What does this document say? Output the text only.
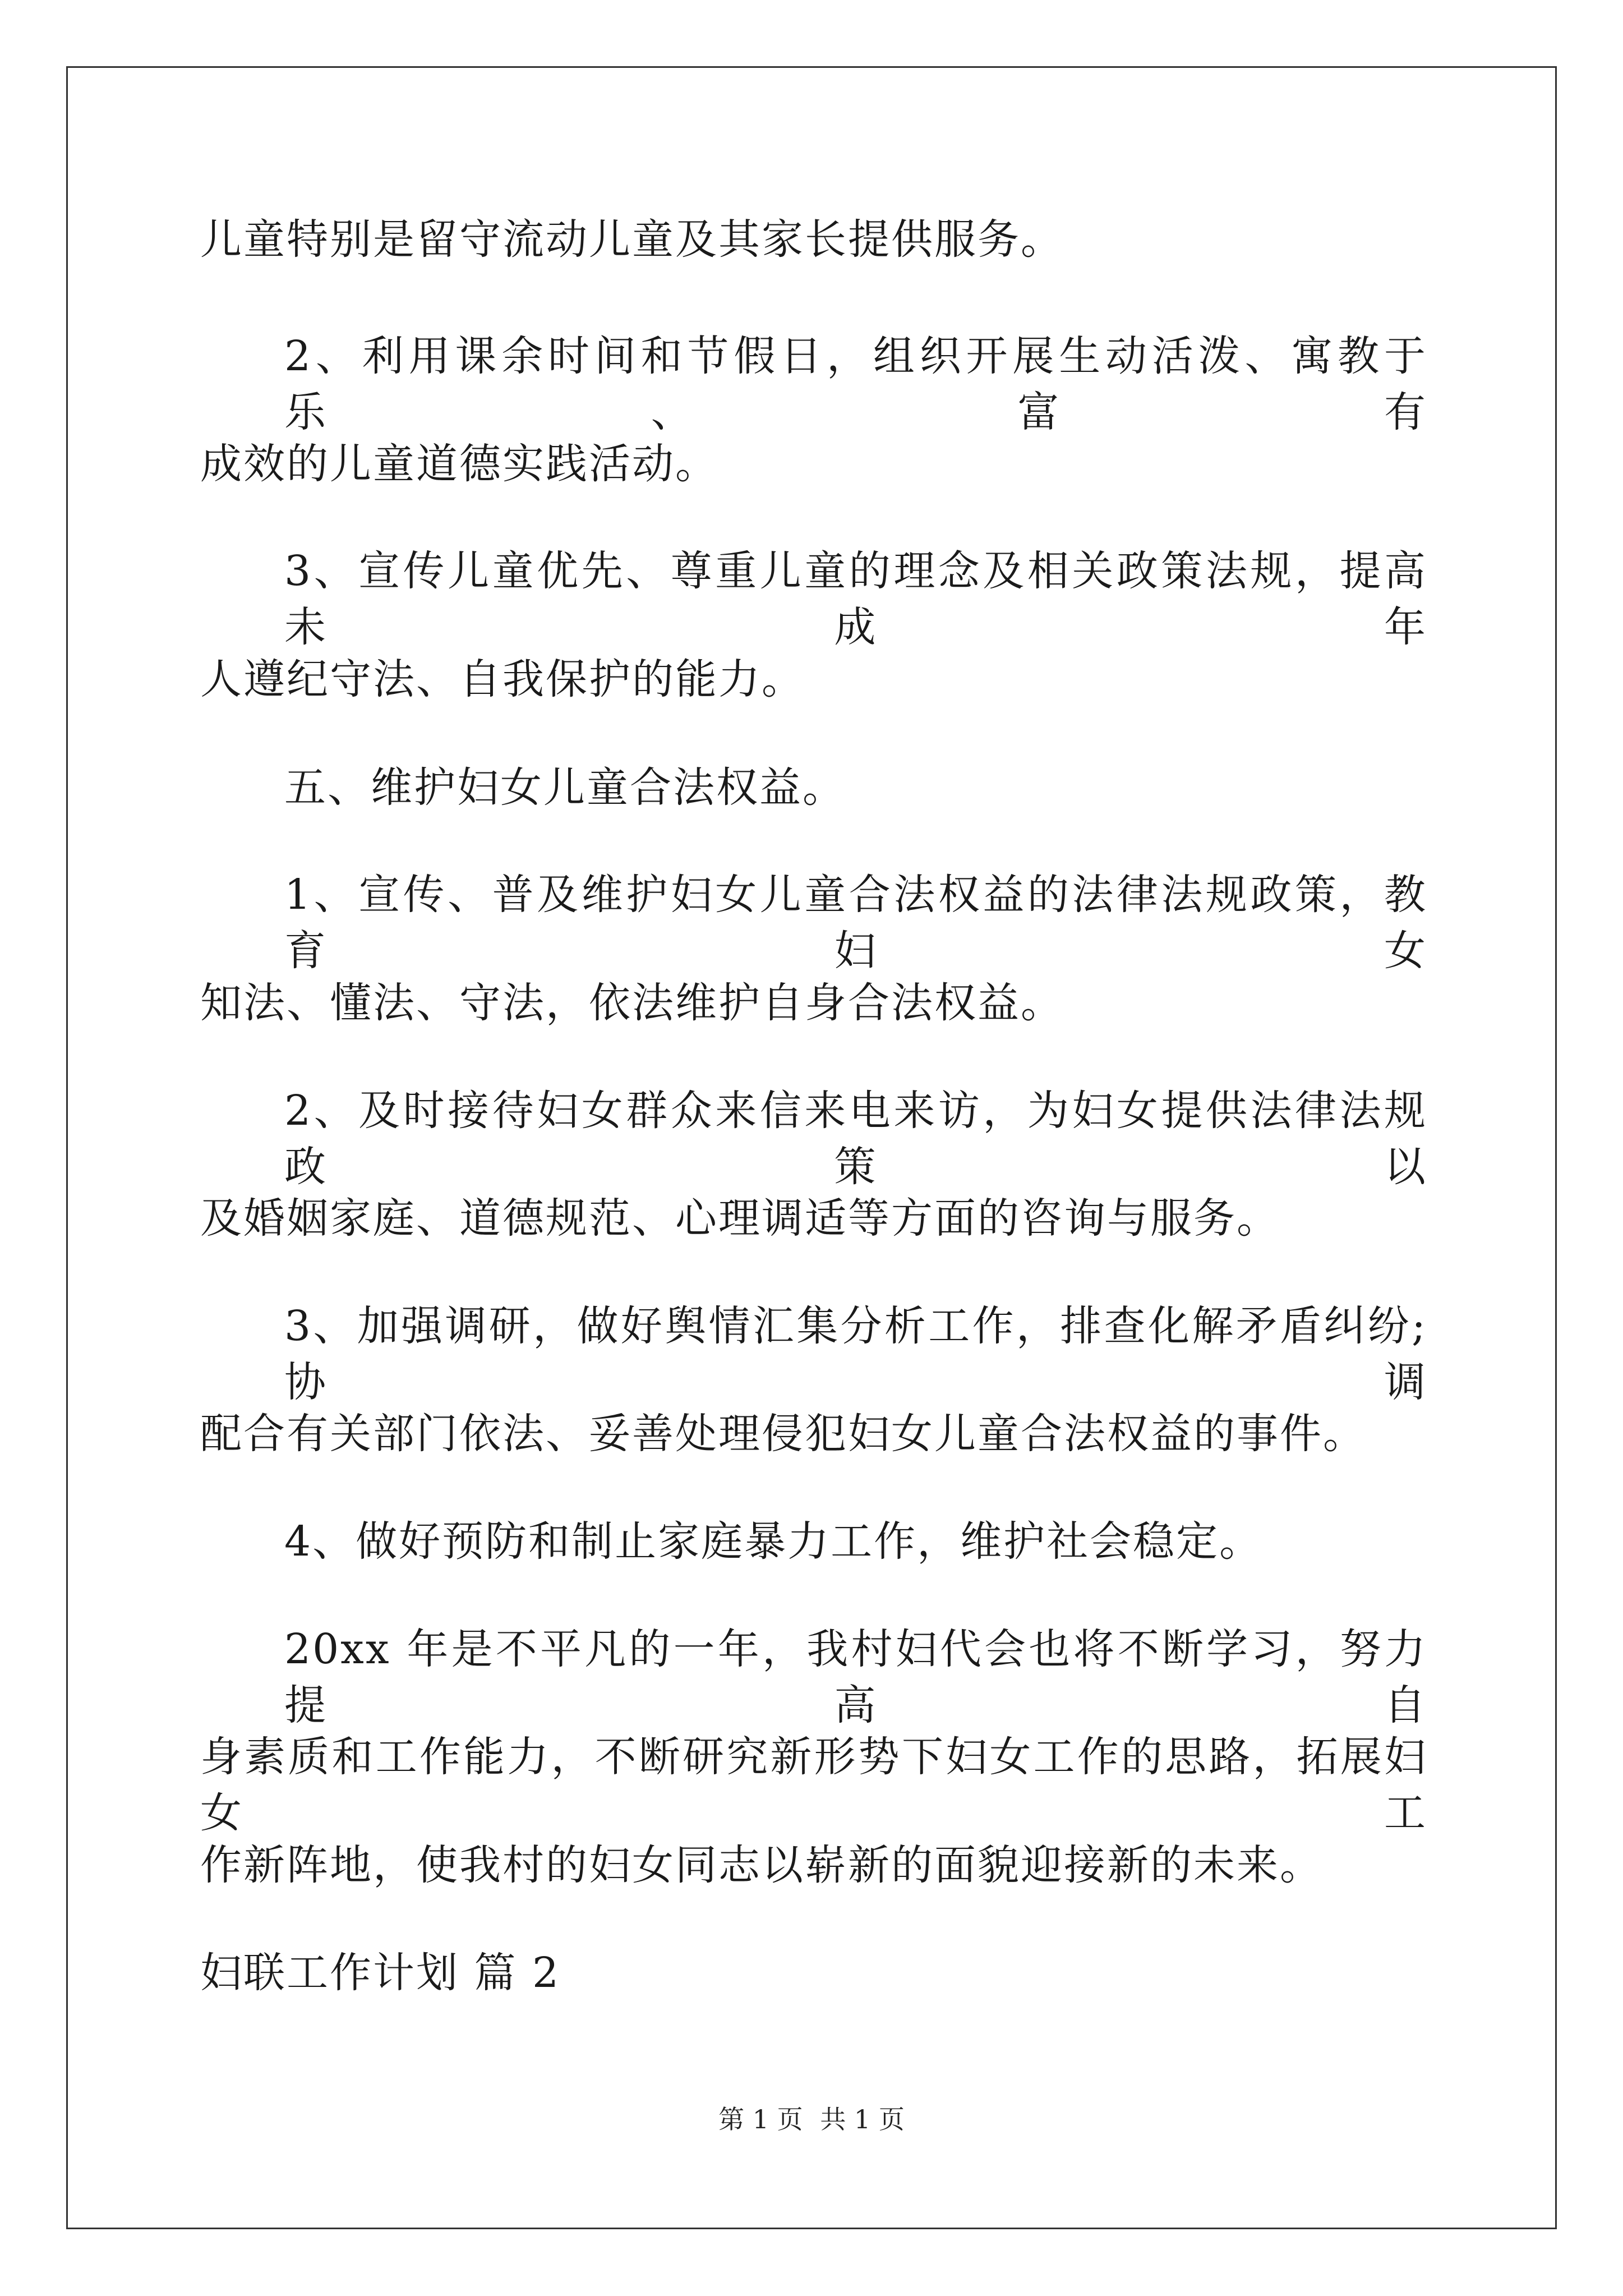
儿童特别是留守流动儿童及其家长提供服务。
2、利用课余时间和节假日，组织开展生动活泼、寓教于乐、富有
成效的儿童道德实践活动。
3、宣传儿童优先、尊重儿童的理念及相关政策法规，提高未成年
人遵纪守法、自我保护的能力。
五、维护妇女儿童合法权益。
1、宣传、普及维护妇女儿童合法权益的法律法规政策，教育妇女
知法、懂法、守法，依法维护自身合法权益。
2、及时接待妇女群众来信来电来访，为妇女提供法律法规政策以
及婚姻家庭、道德规范、心理调适等方面的咨询与服务。
3、加强调研，做好舆情汇集分析工作，排查化解矛盾纠纷;协调
配合有关部门依法、妥善处理侵犯妇女儿童合法权益的事件。
4、做好预防和制止家庭暴力工作，维护社会稳定。
20xx 年是不平凡的一年，我村妇代会也将不断学习，努力提高自
身素质和工作能力，不断研究新形势下妇女工作的思路，拓展妇女工
作新阵地，使我村的妇女同志以崭新的面貌迎接新的未来。
妇联工作计划 篇 2
第 1 页 共 1 页
